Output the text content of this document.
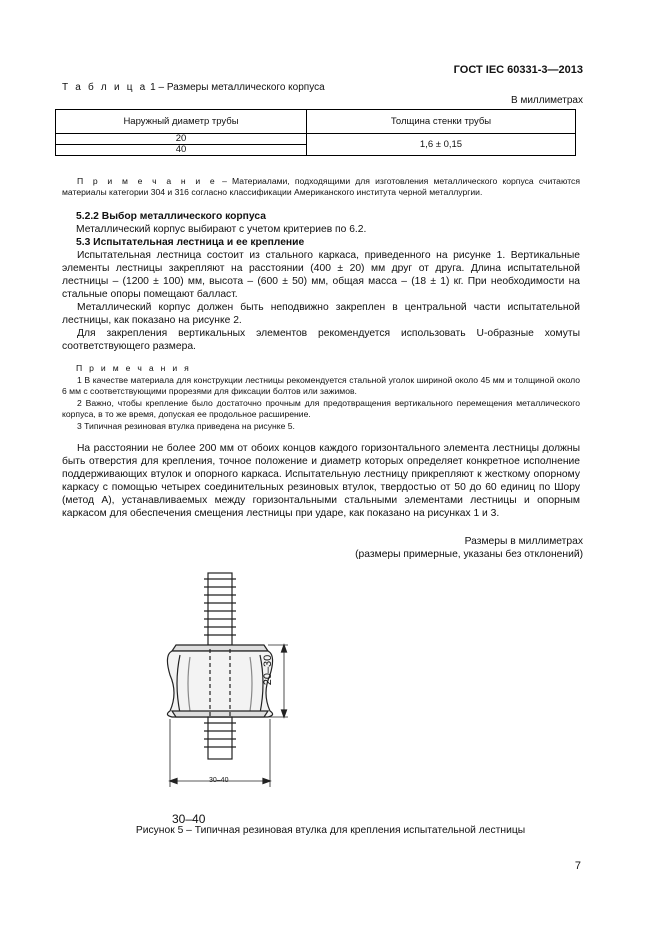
ГОСТ IEC 60331-3—2013
Т а б л и ц а 1 – Размеры металлического корпуса
В миллиметрах
Наружный диаметр трубы	Толщина стенки трубы
20	1,6 ± 0,15
40	
П р и м е ч а н и е – Материалами, подходящими для изготовления металлического корпуса считаются материалы категории 304 и 316 согласно классификации Американского института черной металлургии.
5.2.2 Выбор металлического корпуса
Металлический корпус выбирают с учетом критериев по 6.2.
5.3 Испытательная лестница и ее крепление
Испытательная лестница состоит из стального каркаса, приведенного на рисунке 1. Вертикальные элементы лестницы закрепляют на расстоянии (400 ± 20) мм друг от друга. Длина испытательной лестницы – (1200 ± 100) мм, высота – (600 ± 50) мм, общая масса – (18 ± 1) кг. При необходимости на стальные опоры помещают балласт.
Металлический корпус должен быть неподвижно закреплен в центральной части испытательной лестницы, как показано на рисунке 2.
Для закрепления вертикальных элементов рекомендуется использовать U-образные хомуты соответствующего размера.
П р и м е ч а н и я
1 В качестве материала для конструкции лестницы рекомендуется стальной уголок шириной около 45 мм и толщиной около 6 мм с соответствующими прорезями для фиксации болтов или зажимов.
2 Важно, чтобы крепление было достаточно прочным для предотвращения вертикального перемещения металлического корпуса, в то же время, допуская ее продольное расширение.
3 Типичная резиновая втулка приведена на рисунке 5.
На расстоянии не более 200 мм от обоих концов каждого горизонтального элемента лестницы должны быть отверстия для крепления, точное положение и диаметр которых определяет конкретное исполнение поддерживающих втулок и опорного каркаса. Испытательную лестницу прикрепляют к жесткому опорному каркасу с помощью четырех соединительных резиновых втулок, твердостью от 50 до 60 единиц по Шору (метод А), устанавливаемых между горизонтальными стальными элементами лестницы и опорным каркасом для обеспечения смещения лестницы при ударе, как показано на рисунках 1 и 3.
Размеры в миллиметрах
(размеры примерные, указаны без отклонений)
30–40
20–30
30–40
Рисунок 5 – Типичная резиновая втулка для крепления испытательной лестницы
7
